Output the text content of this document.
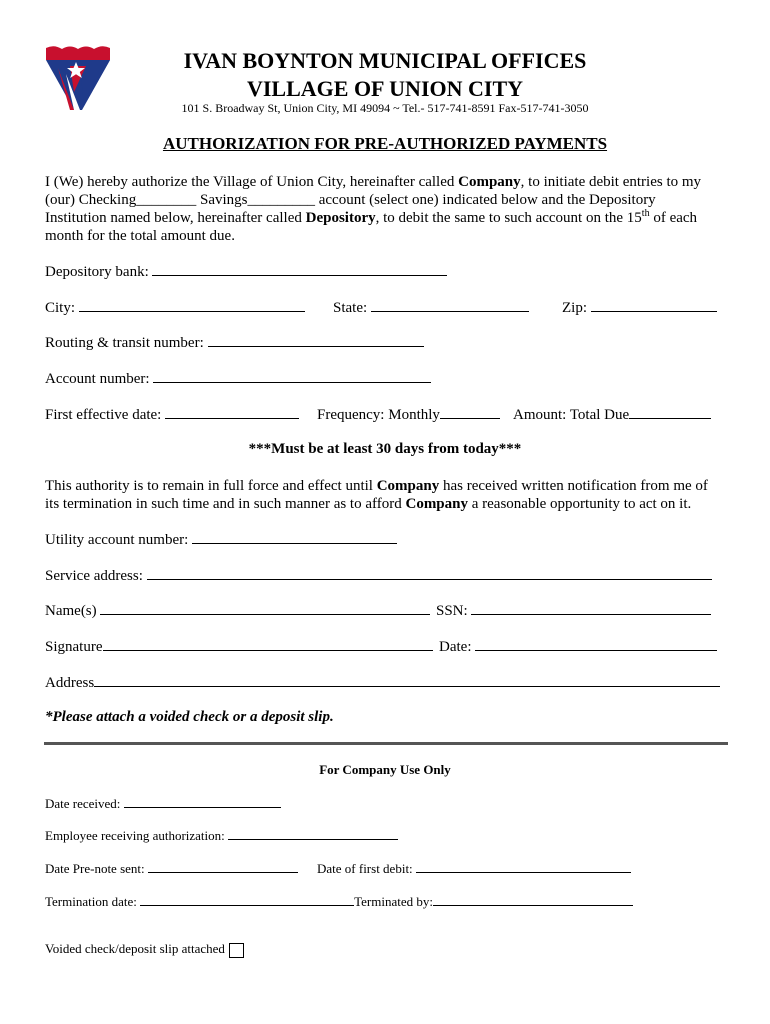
IVAN BOYNTON MUNICIPAL OFFICES
VILLAGE OF UNION CITY
101 S. Broadway St, Union City, MI 49094 ~ Tel.- 517-741-8591 Fax-517-741-3050
AUTHORIZATION FOR PRE-AUTHORIZED PAYMENTS
I (We) hereby authorize the Village of Union City, hereinafter called Company, to initiate debit entries to my
(our) Checking________ Savings_________ account (select one) indicated below and the Depository
Institution named below, hereinafter called Depository, to debit the same to such account on the 15th of each
month for the total amount due.
Depository bank:
City:	State:	Zip:
Routing & transit number:
Account number:
First effective date:	Frequency: Monthly	Amount: Total Due
***Must be at least 30 days from today***
This authority is to remain in full force and effect until Company has received written notification from me of
its termination in such time and in such manner as to afford Company a reasonable opportunity to act on it.
Utility account number:
Service address:
Name(s)	SSN:
Signature	Date:
Address
*Please attach a voided check or a deposit slip.
For Company Use Only
Date received:
Employee receiving authorization:
Date Pre-note sent:	Date of first debit:
Termination date:	Terminated by:
Voided check/deposit slip attached
